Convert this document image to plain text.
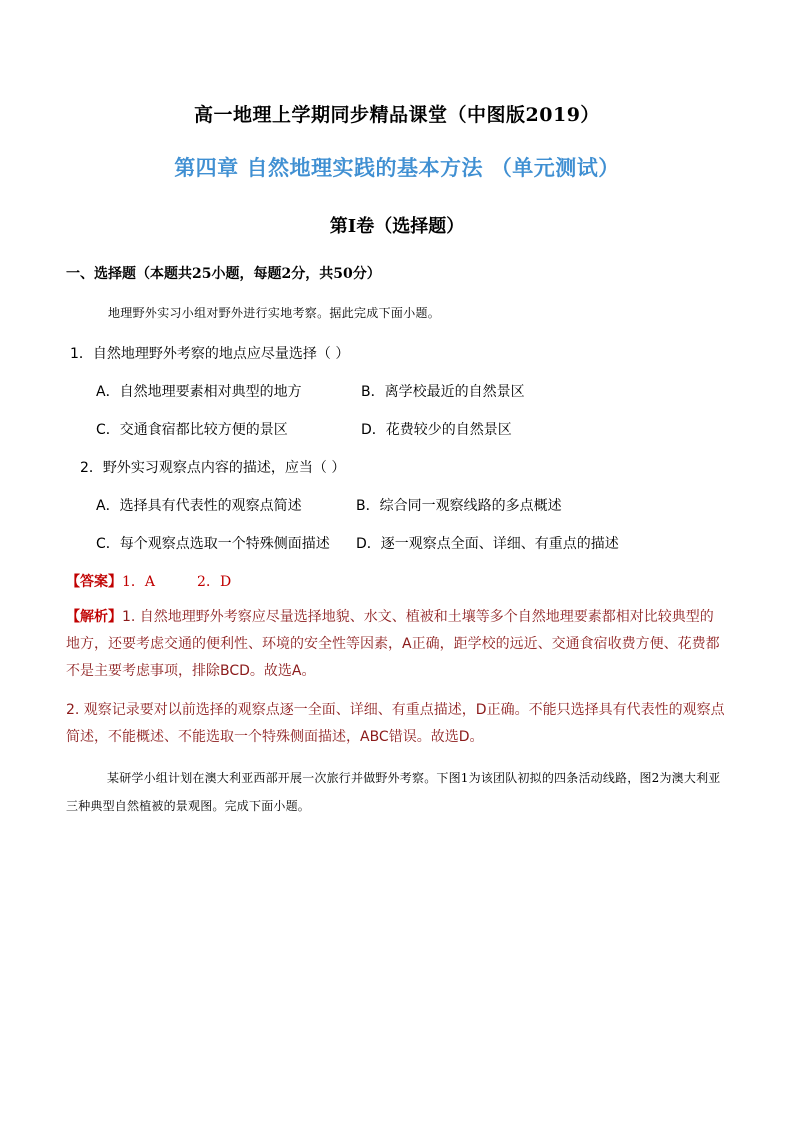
高一地理上学期同步精品课堂（中图版2019）
第四章 自然地理实践的基本方法 （单元测试）
第I卷（选择题）
一、选择题（本题共25小题，每题2分，共50分）
地理野外实习小组对野外进行实地考察。据此完成下面小题。
1．自然地理野外考察的地点应尽量选择（ ）
A．自然地理要素相对典型的地方	B．离学校最近的自然景区
C．交通食宿都比较方便的景区	D．花费较少的自然景区
2．野外实习观察点内容的描述，应当（ ）
A．选择具有代表性的观察点简述	B．综合同一观察线路的多点概述
C．每个观察点选取一个特殊侧面描述 D．逐一观察点全面、详细、有重点的描述
【答案】1．A	2．D
【解析】1. 自然地理野外考察应尽量选择地貌、水文、植被和土壤等多个自然地理要素都相对比较典型的地方，还要考虑交通的便利性、环境的安全性等因素，A正确，距学校的远近、交通食宿收费方便、花费都不是主要考虑事项，排除BCD。故选A。
2. 观察记录要对以前选择的观察点逐一全面、详细、有重点描述，D正确。不能只选择具有代表性的观察点简述，不能概述、不能选取一个特殊侧面描述，ABC错误。故选D。
某研学小组计划在澳大利亚西部开展一次旅行并做野外考察。下图1为该团队初拟的四条活动线路，图2为澳大利亚三种典型自然植被的景观图。完成下面小题。
